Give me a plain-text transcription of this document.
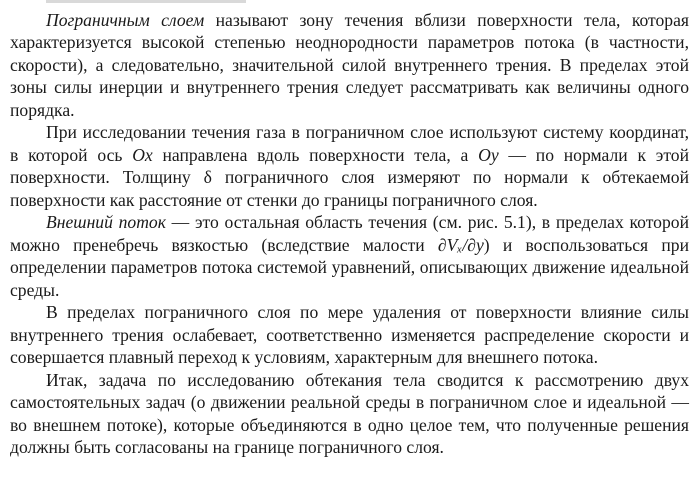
Пограничным слоем называют зону течения вблизи поверхности тела, которая характеризуется высокой степенью неоднородности параметров потока (в частности, скорости), а следовательно, значительной силой внутреннего трения. В пределах этой зоны силы инерции и внутреннего трения следует рассматривать как величины одного порядка.

При исследовании течения газа в пограничном слое используют систему координат, в которой ось Ox направлена вдоль поверхности тела, а Oy — по нормали к этой поверхности. Толщину δ пограничного слоя измеряют по нормали к обтекаемой поверхности как расстояние от стенки до границы пограничного слоя.

Внешний поток — это остальная область течения (см. рис. 5.1), в пределах которой можно пренебречь вязкостью (вследствие малости ∂Vₓ/∂y) и воспользоваться при определении параметров потока системой уравнений, описывающих движение идеальной среды.

В пределах пограничного слоя по мере удаления от поверхности влияние силы внутреннего трения ослабевает, соответственно изменяется распределение скорости и совершается плавный переход к условиям, характерным для внешнего потока.

Итак, задача по исследованию обтекания тела сводится к рассмотрению двух самостоятельных задач (о движении реальной среды в пограничном слое и идеальной — во внешнем потоке), которые объединяются в одно целое тем, что полученные решения должны быть согласованы на границе пограничного слоя.
